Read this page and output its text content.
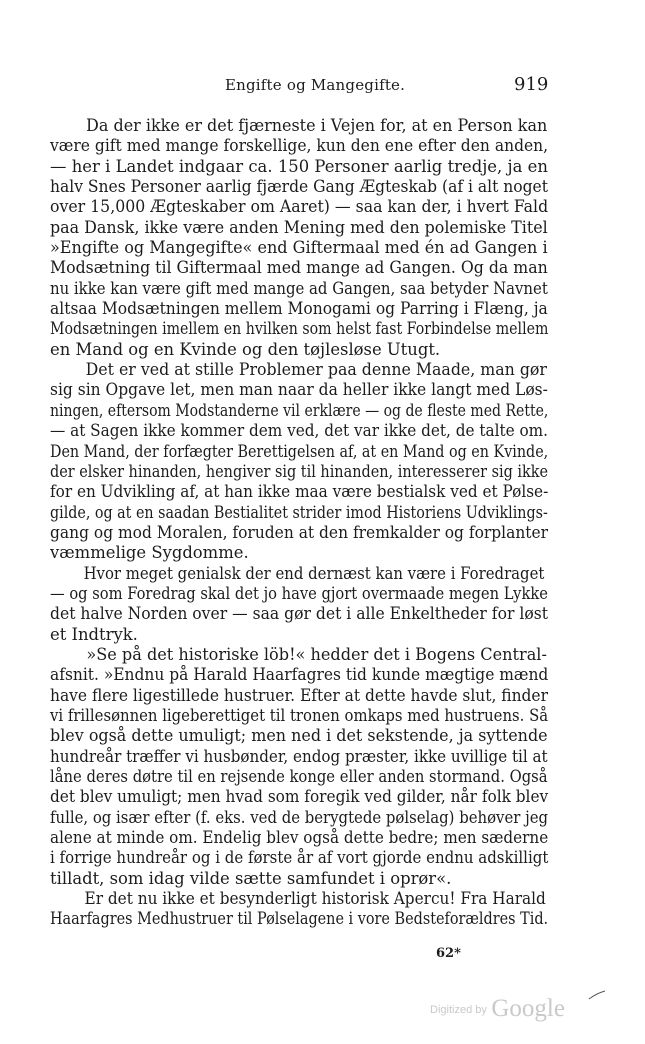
Engifte og Mangegifte.	919
Da der ikke er det fjærneste i Vejen for, at en Person kan
være gift med mange forskellige, kun den ene efter den anden,
— her i Landet indgaar ca. 150 Personer aarlig tredje, ja en
halv Snes Personer aarlig fjærde Gang Ægteskab (af i alt noget
over 15,000 Ægteskaber om Aaret) — saa kan der, i hvert Fald
paa Dansk, ikke være anden Mening med den polemiske Titel
»Engifte og Mangegifte« end Giftermaal med én ad Gangen i
Modsætning til Giftermaal med mange ad Gangen. Og da man
nu ikke kan være gift med mange ad Gangen, saa betyder Navnet
altsaa Modsætningen mellem Monogami og Parring i Flæng, ja
Modsætningen imellem en hvilken som helst fast Forbindelse mellem
en Mand og en Kvinde og den tøjlesløse Utugt.
Det er ved at stille Problemer paa denne Maade, man gør
sig sin Opgave let, men man naar da heller ikke langt med Løs-
ningen, eftersom Modstanderne vil erklære — og de fleste med Rette,
— at Sagen ikke kommer dem ved, det var ikke det, de talte om.
Den Mand, der forfægter Berettigelsen af, at en Mand og en Kvinde,
der elsker hinanden, hengiver sig til hinanden, interesserer sig ikke
for en Udvikling af, at han ikke maa være bestialsk ved et Pølse-
gilde, og at en saadan Bestialitet strider imod Historiens Udviklings-
gang og mod Moralen, foruden at den fremkalder og forplanter
væmmelige Sygdomme.
Hvor meget genialsk der end dernæst kan være i Foredraget
— og som Foredrag skal det jo have gjort overmaade megen Lykke
det halve Norden over — saa gør det i alle Enkeltheder for løst
et Indtryk.
»Se på det historiske löb!« hedder det i Bogens Central-
afsnit. »Endnu på Harald Haarfagres tid kunde mægtige mænd
have flere ligestillede hustruer. Efter at dette havde slut, finder
vi frillesønnen ligeberettiget til tronen omkaps med hustruens. Så
blev også dette umuligt; men ned i det sekstende, ja syttende
hundreår træffer vi husbønder, endog præster, ikke uvillige til at
låne deres døtre til en rejsende konge eller anden stormand. Også
det blev umuligt; men hvad som foregik ved gilder, når folk blev
fulle, og især efter (f. eks. ved de berygtede pølselag) behøver jeg
alene at minde om. Endelig blev også dette bedre; men sæderne
i forrige hundreår og i de første år af vort gjorde endnu adskilligt
tilladt, som idag vilde sætte samfundet i oprør«.
Er det nu ikke et besynderligt historisk Apercu! Fra Harald
Haarfagres Medhustruer til Pølselagene i vore Bedsteforældres Tid.
62*
Digitized by Google
